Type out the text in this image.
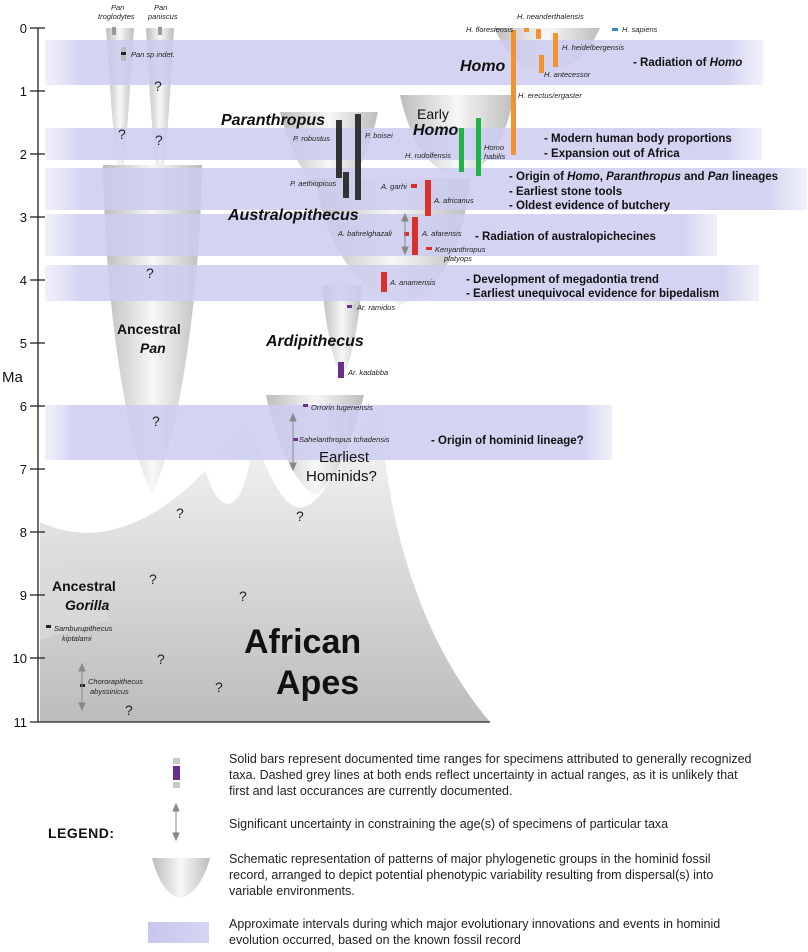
0
1
2
3
4
5
6
7
8
9
10
11
Ma
Homo
Paranthropus	Early
Homo
Australopithecus
Ardipithecus
Earliest
Hominids?
Ancestral
Pan
Ancestral
Gorilla
African
Apes
Pan
troglodytes
Pan
paniscus
Pan sp indet.
H. neanderthalensis
H. floresiensis	H. sapiens
H. heidelbergensis
H. antecessor
H. erectus/ergaster
P. robustus	P. boisei
H. rudolfensis
Homo
habilis
P. aethiopicus	A. garhi
A. africanus
A. bahrelghazali	A. afarensis
Kenyanthropus
platyops
A. anamensis
Ar. ramidus
Ar. kadabba
Orrorin tugenensis
Sahelanthropus tchadensis
Samburupithecus
kiptalami
Chororapithecus
abyssinicus
- Radiation of Homo
- Modern human body proportions
- Expansion out of Africa
- Origin of Homo, Paranthropus and Pan lineages
- Earliest stone tools
- Oldest evidence of butchery
- Radiation of australopichecines
- Development of megadontia trend
- Earliest unequivocal evidence for bipedalism
- Origin of hominid lineage?
?
? ?
?
?
?	?
?
?
?
?
?
LEGEND:
Solid bars represent documented time ranges for specimens attributed to generally recognized taxa. Dashed grey lines at both ends reflect uncertainty in actual ranges, as it is unlikely that first and last occurances are currently documented.
Significant uncertainty in constraining the age(s) of specimens of particular taxa
Schematic representation of patterns of major phylogenetic groups in the hominid fossil record, arranged to depict potential phenotypic variability resulting from dispersal(s) into variable environments.
Approximate intervals during which major evolutionary innovations and events in hominid evolution occurred, based on the known fossil record
